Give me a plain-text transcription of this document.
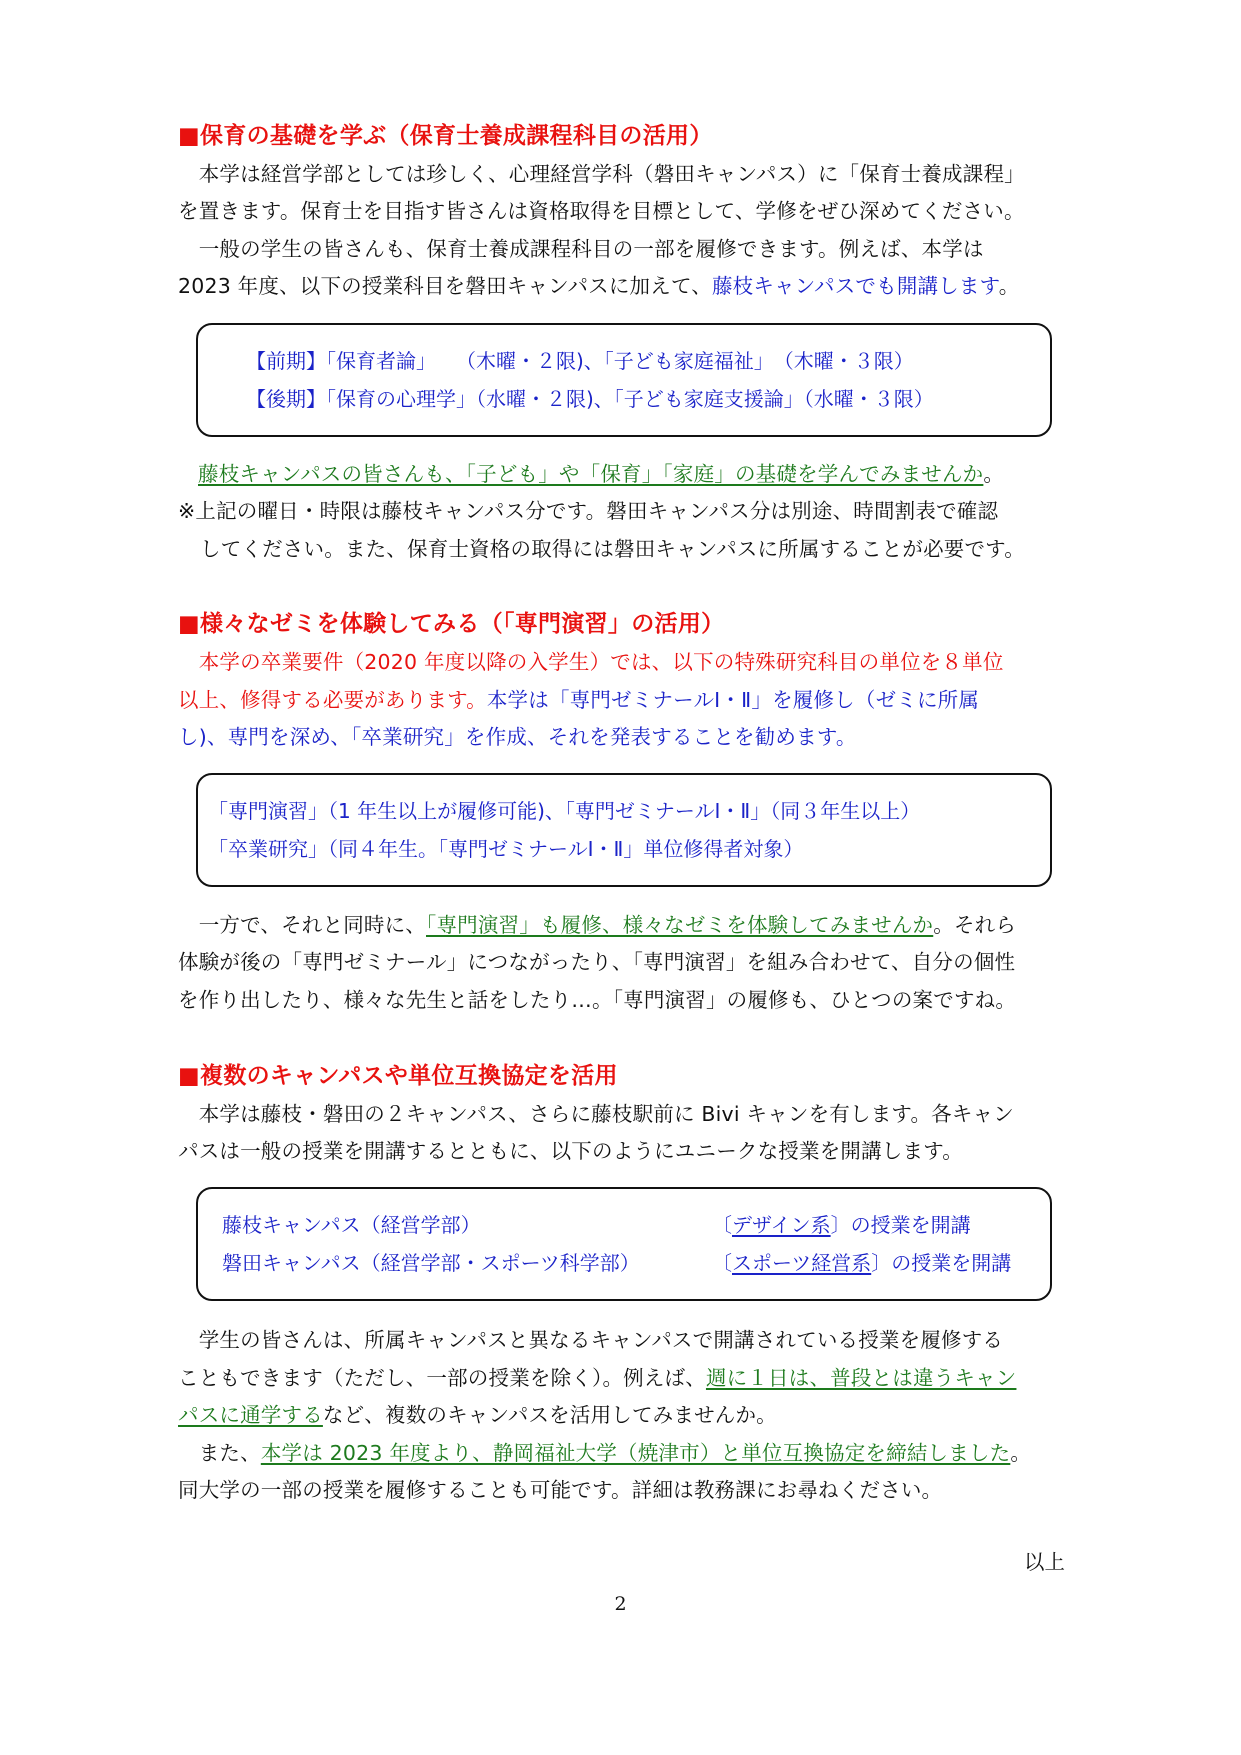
■保育の基礎を学ぶ（保育士養成課程科目の活用）
　本学は経営学部としては珍しく、心理経営学科（磐田キャンパス）に「保育士養成課程」
を置きます。保育士を目指す皆さんは資格取得を目標として、学修をぜひ深めてください。
　一般の学生の皆さんも、保育士養成課程科目の一部を履修できます。例えば、本学は
2023 年度、以下の授業科目を磐田キャンパスに加えて、藤枝キャンパスでも開講します。
【前期】「保育者論」　　（木曜・２限)、「子ども家庭福祉」　（木曜・３限）
【後期】「保育の心理学」（水曜・２限)、「子ども家庭支援論」（水曜・３限）
藤枝キャンパスの皆さんも、「子ども」や「保育」「家庭」の基礎を学んでみませんか。
※上記の曜日・時限は藤枝キャンパス分です。磐田キャンパス分は別途、時間割表で確認
してください。また、保育士資格の取得には磐田キャンパスに所属することが必要です。
■様々なゼミを体験してみる（「専門演習」の活用）
　本学の卒業要件（2020 年度以降の入学生）では、以下の特殊研究科目の単位を８単位
以上、修得する必要があります。本学は「専門ゼミナールⅠ・Ⅱ」を履修し（ゼミに所属
し)、専門を深め、「卒業研究」を作成、それを発表することを勧めます。
「専門演習」（1 年生以上が履修可能)、「専門ゼミナールⅠ・Ⅱ」（同３年生以上）
「卒業研究」（同４年生。「専門ゼミナールⅠ・Ⅱ」単位修得者対象）
　一方で、それと同時に、「専門演習」も履修、様々なゼミを体験してみませんか。それら
体験が後の「専門ゼミナール」につながったり、「専門演習」を組み合わせて、自分の個性
を作り出したり、様々な先生と話をしたり…。「専門演習」の履修も、ひとつの案ですね。
■複数のキャンパスや単位互換協定を活用
　本学は藤枝・磐田の２キャンパス、さらに藤枝駅前に Bivi キャンを有します。各キャン
パスは一般の授業を開講するとともに、以下のようにユニークな授業を開講します。
藤枝キャンパス（経営学部）	〔デザイン系〕の授業を開講
磐田キャンパス（経営学部・スポーツ科学部）	〔スポーツ経営系〕の授業を開講
　学生の皆さんは、所属キャンパスと異なるキャンパスで開講されている授業を履修する
こともできます（ただし、一部の授業を除く）。例えば、週に１日は、普段とは違うキャン
パスに通学するなど、複数のキャンパスを活用してみませんか。
　また、本学は 2023 年度より、静岡福祉大学（焼津市）と単位互換協定を締結しました。
同大学の一部の授業を履修することも可能です。詳細は教務課にお尋ねください。
以上
2
